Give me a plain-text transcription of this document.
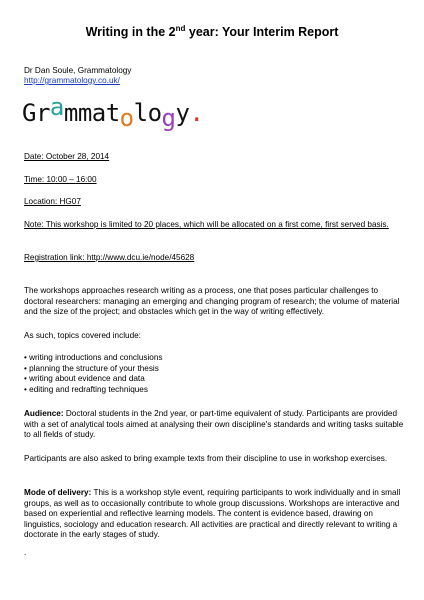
Writing in the 2nd year: Your Interim Report
Dr Dan Soule, Grammatology
http://grammatology.co.uk/
Grammatology.
Date: October 28, 2014
Time: 10:00 – 16:00
Location: HG07
Note: This workshop is limited to 20 places, which will be allocated on a first come, first served basis.
Registration link: http://www.dcu.ie/node/45628
The workshops approaches research writing as a process, one that poses particular challenges to doctoral researchers: managing an emerging and changing program of research; the volume of material and the size of the project; and obstacles which get in the way of writing effectively.
As such, topics covered include:
• writing introductions and conclusions
• planning the structure of your thesis
• writing about evidence and data
• editing and redrafting techniques
Audience: Doctoral students in the 2nd year, or part-time equivalent of study. Participants are provided with a set of analytical tools aimed at analysing their own discipline's standards and writing tasks suitable to all fields of study.
Participants are also asked to bring example texts from their discipline to use in workshop exercises.
Mode of delivery: This is a workshop style event, requiring participants to work individually and in small groups, as well as to occasionally contribute to whole group discussions. Workshops are interactive and based on experiential and reflective learning models. The content is evidence based, drawing on linguistics, sociology and education research. All activities are practical and directly relevant to writing a doctorate in the early stages of study.
.
